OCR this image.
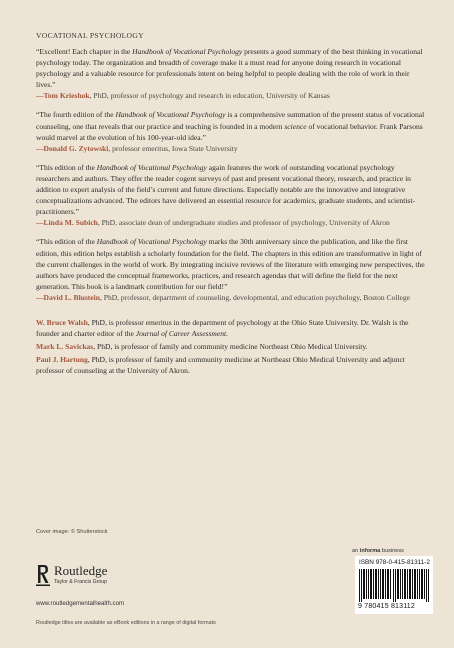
VOCATIONAL PSYCHOLOGY

“Excellent! Each chapter in the Handbook of Vocational Psychology presents a good summary of the best thinking in vocational psychology today. The organization and breadth of coverage make it a must read for anyone doing research in vocational psychology and a valuable resource for professionals intent on being helpful to people dealing with the role of work in their lives.”

—Tom Krieshok, PhD, professor of psychology and research in education, University of Kansas

“The fourth edition of the Handbook of Vocational Psychology is a comprehensive summation of the present status of vocational counseling, one that reveals that our practice and teaching is founded in a modern science of vocational behavior. Frank Parsons would marvel at the evolution of his 100-year-old idea.”

—Donald G. Zytowski, professor emeritus, Iowa State University

“This edition of the Handbook of Vocational Psychology again features the work of outstanding vocational psychology researchers and authors. They offer the reader cogent surveys of past and present vocational theory, research, and practice in addition to expert analysis of the field’s current and future directions. Especially notable are the innovative and integrative conceptualizations advanced. The editors have delivered an essential resource for academics, graduate students, and scientist-practitioners.”

—Linda M. Subich, PhD, associate dean of undergraduate studies and professor of psychology, University of Akron

“This edition of the Handbook of Vocational Psychology marks the 30th anniversary since the publication, and like the first edition, this edition helps establish a scholarly foundation for the field. The chapters in this edition are transformative in light of the current challenges in the world of work. By integrating incisive reviews of the literature with emerging new perspectives, the authors have produced the conceptual frameworks, practices, and research agendas that will define the field for the next generation. This book is a landmark contribution for our field!”

—David L. Blustein, PhD, professor, department of counseling, developmental, and education psychology, Boston College

W. Bruce Walsh, PhD, is professor emeritus in the department of psychology at the Ohio State University. Dr. Walsh is the founder and charter editor of the Journal of Career Assessment.

Mark L. Savickas, PhD, is professor of family and community medicine Northeast Ohio Medical University.

Paul J. Hartung, PhD, is professor of family and community medicine at Northeast Ohio Medical University and adjunct professor of counseling at the University of Akron.

Cover image: © Shutterstock
an informa business
Routledge
Taylor & Francis Group
www.routledgementalhealth.com
Routledge titles are available as eBook editions in a range of digital formats
ISBN 978-0-415-81311-2
9 780415 813112
